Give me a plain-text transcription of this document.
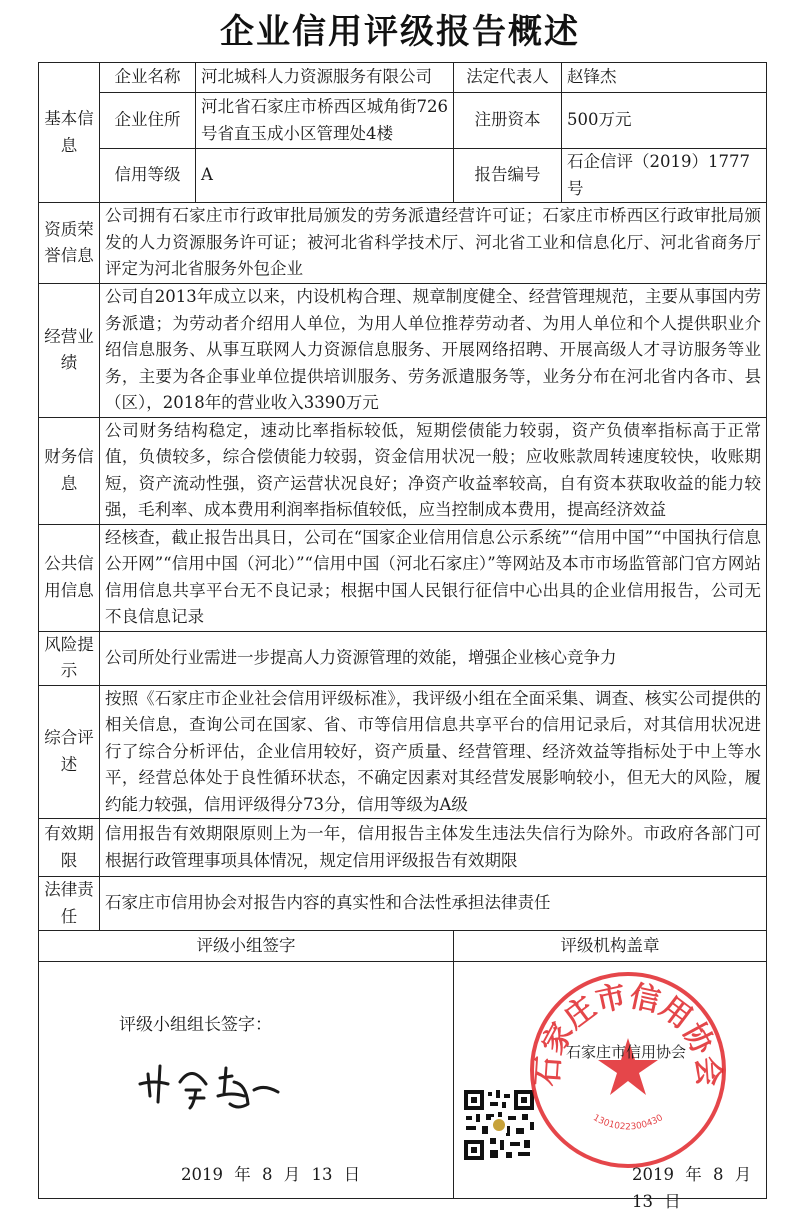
企业信用评级报告概述
基本信息	企业名称	河北城科人力资源服务有限公司	法定代表人	赵锋杰
	企业住所	河北省石家庄市桥西区城角街726号省直玉成小区管理处4楼	注册资本	500万元
	信用等级	A	报告编号	石企信评（2019）1777号
资质荣誉信息	公司拥有石家庄市行政审批局颁发的劳务派遣经营许可证；石家庄市桥西区行政审批局颁发的人力资源服务许可证；被河北省科学技术厅、河北省工业和信息化厅、河北省商务厅评定为河北省服务外包企业			
经营业绩	公司自2013年成立以来，内设机构合理、规章制度健全、经营管理规范，主要从事国内劳务派遣；为劳动者介绍用人单位，为用人单位推荐劳动者、为用人单位和个人提供职业介绍信息服务、从事互联网人力资源信息服务、开展网络招聘、开展高级人才寻访服务等业务，主要为各企事业单位提供培训服务、劳务派遣服务等，业务分布在河北省内各市、县（区），2018年的营业收入3390万元			
财务信息	公司财务结构稳定，速动比率指标较低，短期偿债能力较弱，资产负债率指标高于正常值，负债较多，综合偿债能力较弱，资金信用状况一般；应收账款周转速度较快，收账期短，资产流动性强，资产运营状况良好；净资产收益率较高，自有资本获取收益的能力较强，毛利率、成本费用利润率指标值较低，应当控制成本费用，提高经济效益			
公共信用信息	经核查，截止报告出具日，公司在“国家企业信用信息公示系统”“信用中国”“中国执行信息公开网”“信用中国（河北）”“信用中国（河北石家庄）”等网站及本市市场监管部门官方网站信用信息共享平台无不良记录；根据中国人民银行征信中心出具的企业信用报告，公司无不良信息记录			
风险提示	公司所处行业需进一步提高人力资源管理的效能，增强企业核心竞争力			
综合评述	按照《石家庄市企业社会信用评级标准》，我评级小组在全面采集、调查、核实公司提供的相关信息，查询公司在国家、省、市等信用信息共享平台的信用记录后，对其信用状况进行了综合分析评估，企业信用较好，资产质量、经营管理、经济效益等指标处于中上等水平，经营总体处于良性循环状态，不确定因素对其经营发展影响较小，但无大的风险，履约能力较强，信用评级得分73分，信用等级为A级			
有效期限	信用报告有效期限原则上为一年，信用报告主体发生违法失信行为除外。市政府各部门可根据行政管理事项具体情况，规定信用评级报告有效期限			
法律责任	石家庄市信用协会对报告内容的真实性和合法性承担法律责任			
评级小组签字			评级机构盖章	

评级小组组长签字：
2019 年 8 月 13 日			石家庄市信用协会
1301022300430
石家庄市信用协会
2019 年 8 月 13 日	
